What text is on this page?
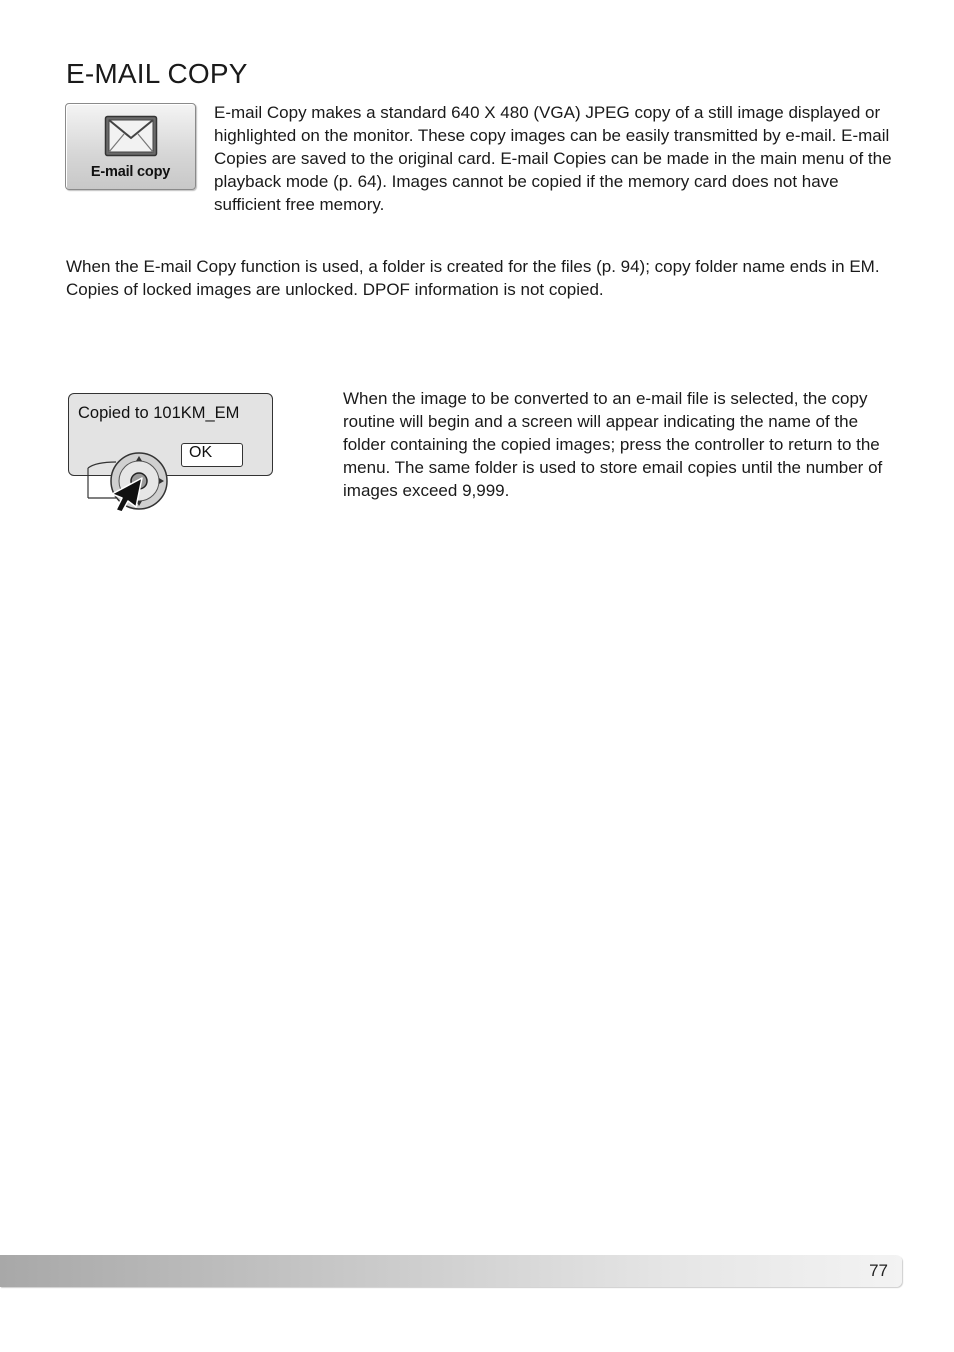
E-MAIL COPY
E-mail copy

E-mail Copy makes a standard 640 X 480 (VGA) JPEG copy of a still image displayed or highlighted on the monitor. These copy images can be easily transmitted by e-mail. E-mail Copies are saved to the original card. E-mail Copies can be made in the main menu of the playback mode (p. 64). Images cannot be copied if the memory card does not have sufficient free memory.

When the E-mail Copy function is used, a folder is created for the files (p. 94); copy folder name ends in EM. Copies of locked images are unlocked. DPOF information is not copied.

Copied to 101KM_EM
OK

When the image to be converted to an e-mail file is selected, the copy routine will begin and a screen will appear indicating the name of the folder containing the copied images; press the controller to return to the menu. The same folder is used to store email copies until the number of images exceed 9,999.

77
